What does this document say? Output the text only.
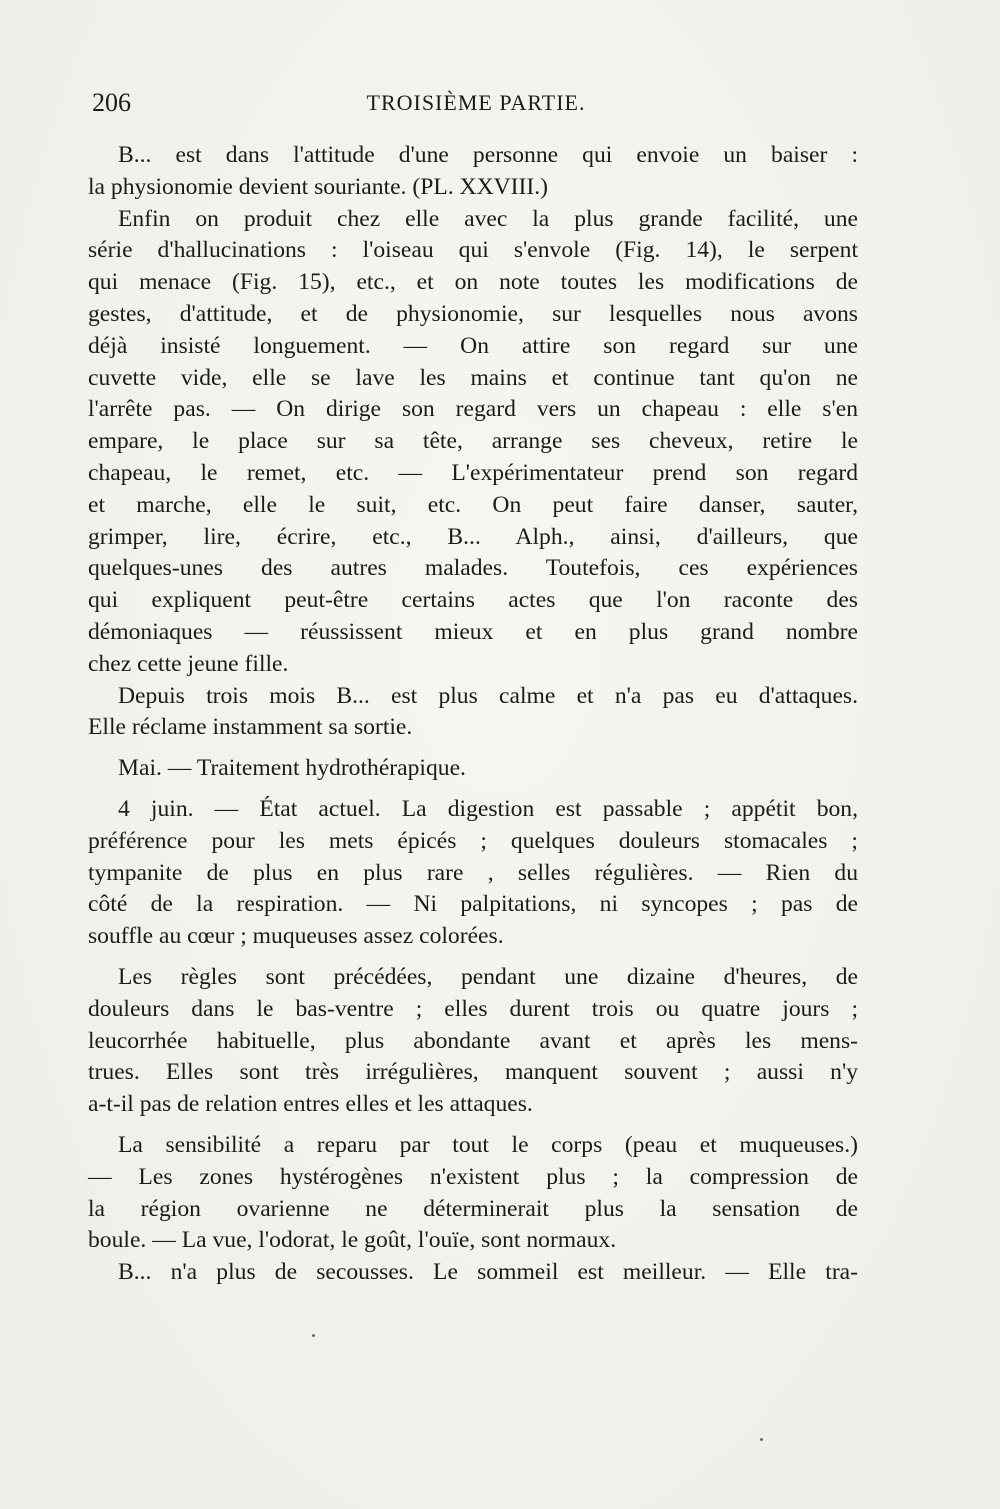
206	TROISIÈME PARTIE.
B... est dans l'attitude d'une personne qui envoie un baiser :
la physionomie devient souriante. (PL. XXVIII.)
Enfin on produit chez elle avec la plus grande facilité, une
série d'hallucinations : l'oiseau qui s'envole (Fig. 14), le serpent
qui menace (Fig. 15), etc., et on note toutes les modifications de
gestes, d'attitude, et de physionomie, sur lesquelles nous avons
déjà insisté longuement. — On attire son regard sur une
cuvette vide, elle se lave les mains et continue tant qu'on ne
l'arrête pas. — On dirige son regard vers un chapeau : elle s'en
empare, le place sur sa tête, arrange ses cheveux, retire le
chapeau, le remet, etc. — L'expérimentateur prend son regard
et marche, elle le suit, etc. On peut faire danser, sauter,
grimper, lire, écrire, etc., B... Alph., ainsi, d'ailleurs, que
quelques-unes des autres malades. Toutefois, ces expériences
qui expliquent peut-être certains actes que l'on raconte des
démoniaques — réussissent mieux et en plus grand nombre
chez cette jeune fille.
Depuis trois mois B... est plus calme et n'a pas eu d'attaques.
Elle réclame instamment sa sortie.
Mai. — Traitement hydrothérapique.
4 juin. — État actuel. La digestion est passable ; appétit bon,
préférence pour les mets épicés ; quelques douleurs stomacales ;
tympanite de plus en plus rare , selles régulières. — Rien du
côté de la respiration. — Ni palpitations, ni syncopes ; pas de
souffle au cœur ; muqueuses assez colorées.
Les règles sont précédées, pendant une dizaine d'heures, de
douleurs dans le bas-ventre ; elles durent trois ou quatre jours ;
leucorrhée habituelle, plus abondante avant et après les mens-
trues. Elles sont très irrégulières, manquent souvent ; aussi n'y
a-t-il pas de relation entres elles et les attaques.
La sensibilité a reparu par tout le corps (peau et muqueuses.)
— Les zones hystérogènes n'existent plus ; la compression de
la région ovarienne ne déterminerait plus la sensation de
boule. — La vue, l'odorat, le goût, l'ouïe, sont normaux.
B... n'a plus de secousses. Le sommeil est meilleur. — Elle tra-
